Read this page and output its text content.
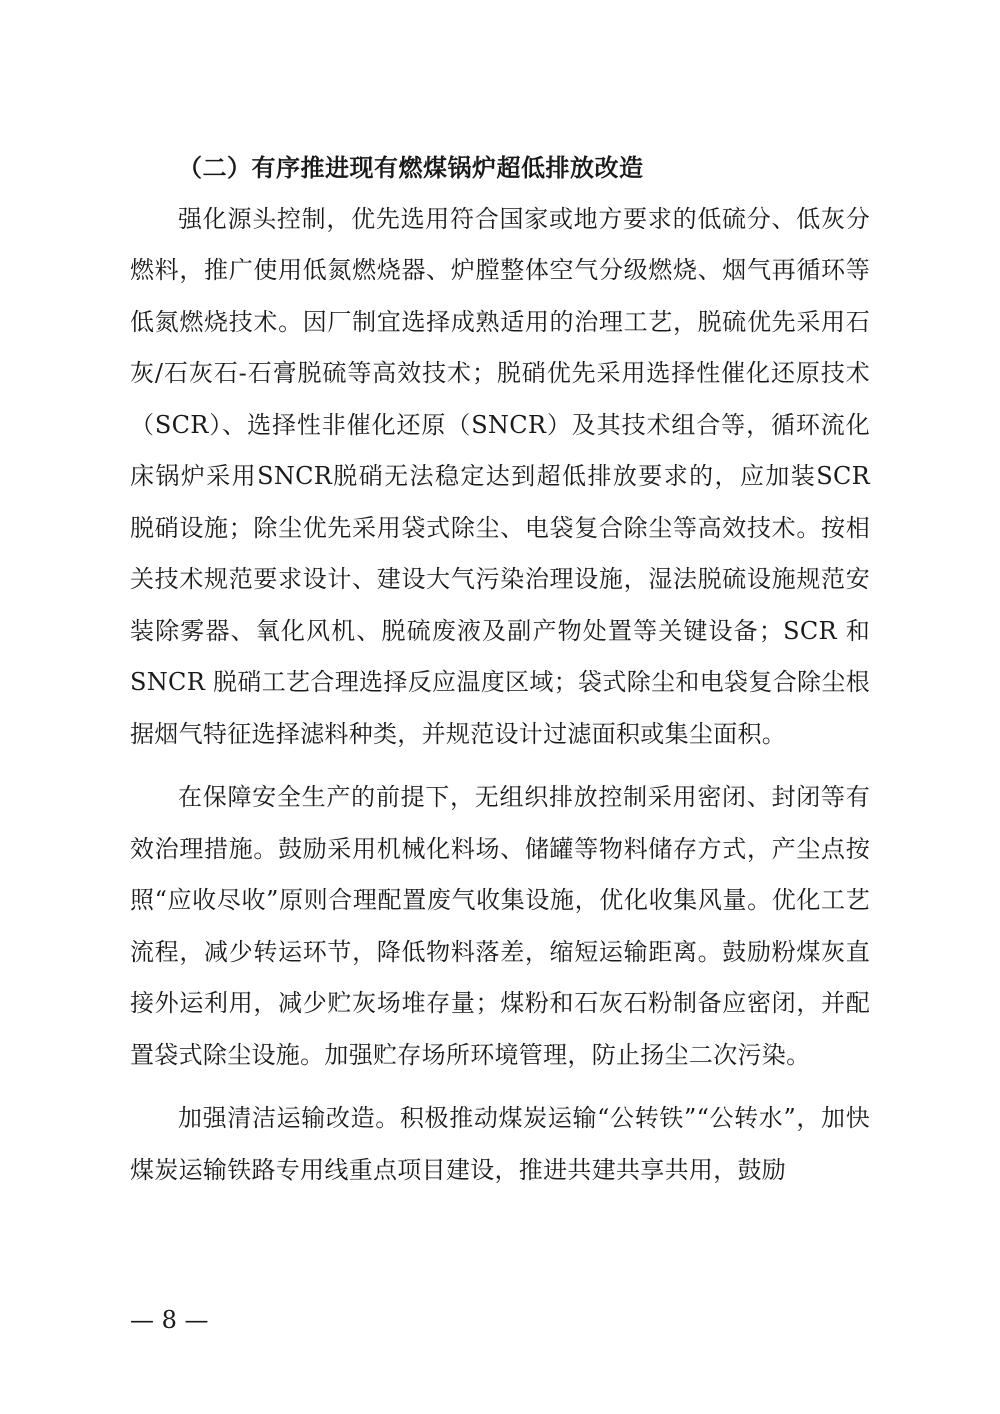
（二）有序推进现有燃煤锅炉超低排放改造

强化源头控制，优先选用符合国家或地方要求的低硫分、低灰分燃料，推广使用低氮燃烧器、炉膛整体空气分级燃烧、烟气再循环等低氮燃烧技术。因厂制宜选择成熟适用的治理工艺，脱硫优先采用石灰/石灰石-石膏脱硫等高效技术；脱硝优先采用选择性催化还原技术（SCR）、选择性非催化还原（SNCR）及其技术组合等，循环流化床锅炉采用SNCR脱硝无法稳定达到超低排放要求的，应加装SCR 脱硝设施；除尘优先采用袋式除尘、电袋复合除尘等高效技术。按相关技术规范要求设计、建设大气污染治理设施，湿法脱硫设施规范安装除雾器、氧化风机、脱硫废液及副产物处置等关键设备；SCR 和 SNCR 脱硝工艺合理选择反应温度区域；袋式除尘和电袋复合除尘根据烟气特征选择滤料种类，并规范设计过滤面积或集尘面积。

在保障安全生产的前提下，无组织排放控制采用密闭、封闭等有效治理措施。鼓励采用机械化料场、储罐等物料储存方式，产尘点按照“应收尽收”原则合理配置废气收集设施，优化收集风量。优化工艺流程，减少转运环节，降低物料落差，缩短运输距离。鼓励粉煤灰直接外运利用，减少贮灰场堆存量；煤粉和石灰石粉制备应密闭，并配置袋式除尘设施。加强贮存场所环境管理，防止扬尘二次污染。

加强清洁运输改造。积极推动煤炭运输“公转铁”“公转水”，加快煤炭运输铁路专用线重点项目建设，推进共建共享共用，鼓励

— 8 —
